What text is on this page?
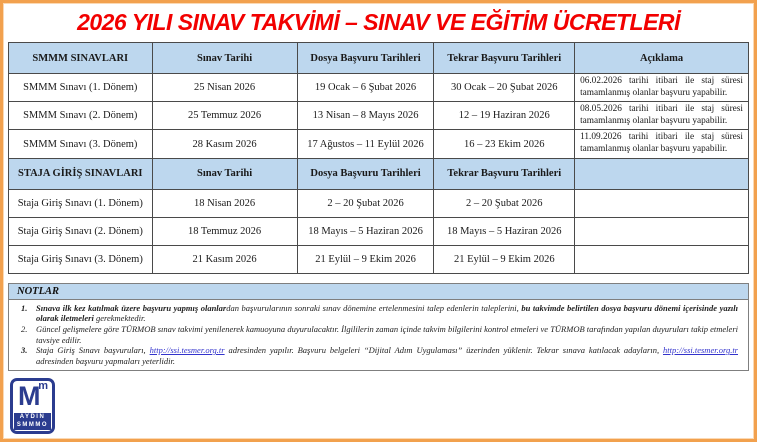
2026 YILI SINAV TAKVİMİ – SINAV VE EĞİTİM ÜCRETLERİ
SMMM SINAVLARI	Sınav Tarihi	Dosya Başvuru Tarihleri	Tekrar Başvuru Tarihleri	Açıklama
SMMM Sınavı (1. Dönem)	25 Nisan 2026	19 Ocak – 6 Şubat 2026	30 Ocak – 20 Şubat 2026	06.02.2026 tarihi itibari ile staj süresi tamamlanmış olanlar başvuru yapabilir.
SMMM Sınavı (2. Dönem)	25 Temmuz 2026	13 Nisan – 8 Mayıs 2026	12 – 19 Haziran 2026	08.05.2026 tarihi itibari ile staj süresi tamamlanmış olanlar başvuru yapabilir.
SMMM Sınavı (3. Dönem)	28 Kasım 2026	17 Ağustos – 11 Eylül 2026	16 – 23 Ekim 2026	11.09.2026 tarihi itibari ile staj süresi tamamlanmış olanlar başvuru yapabilir.
STAJA GİRİŞ SINAVLARI	Sınav Tarihi	Dosya Başvuru Tarihleri	Tekrar Başvuru Tarihleri	
Staja Giriş Sınavı (1. Dönem)	18 Nisan 2026	2 – 20 Şubat 2026	2 – 20 Şubat 2026	
Staja Giriş Sınavı (2. Dönem)	18 Temmuz 2026	18 Mayıs – 5 Haziran 2026	18 Mayıs – 5 Haziran 2026	
Staja Giriş Sınavı (3. Dönem)	21 Kasım 2026	21 Eylül – 9 Ekim 2026	21 Eylül – 9 Ekim 2026	
NOTLAR
1.	Sınava ilk kez katılmak üzere başvuru yapmış olanlardan başvurularının sonraki sınav dönemine ertelenmesini talep edenlerin taleplerini, bu takvimde belirtilen dosya başvuru dönemi içerisinde yazılı olarak iletmeleri gerekmektedir.
2.	Güncel gelişmelere göre TÜRMOB sınav takvimi yenilenerek kamuoyuna duyurulacaktır. İlgililerin zaman içinde takvim bilgilerini kontrol etmeleri ve TÜRMOB tarafından yapılan duyuruları takip etmeleri tavsiye edilir.
3.	Staja Giriş Sınavı başvuruları, http://ssi.tesmer.org.tr adresinden yapılır. Başvuru belgeleri “Dijital Adım Uygulaması” üzerinden yüklenir. Tekrar sınava katılacak adayların, http://ssi.tesmer.org.tr adresinden başvuru yapmaları yeterlidir.
M
m
AYDIN
SMMMO
